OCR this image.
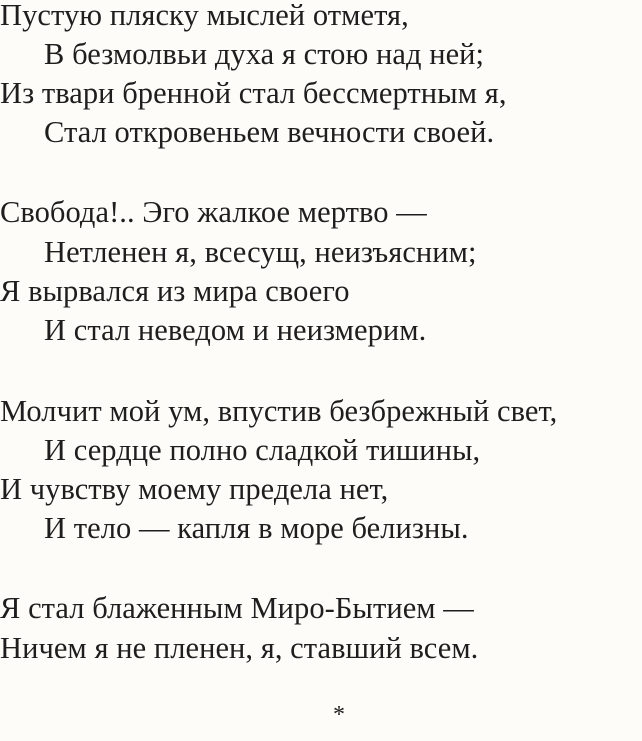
Пустую пляску мыслей отметя,
В безмолвьи духа я стою над ней;
Из твари бренной стал бессмертным я,
Стал откровеньем вечности своей.
Свобода!.. Эго жалкое мертво —
Нетленен я, всесущ, неизъясним;
Я вырвался из мира своего
И стал неведом и неизмерим.
Молчит мой ум, впустив безбрежный свет,
И сердце полно сладкой тишины,
И чувству моему предела нет,
И тело — капля в море белизны.
Я стал блаженным Миро-Бытием —
Ничем я не пленен, я, ставший всем.
*
